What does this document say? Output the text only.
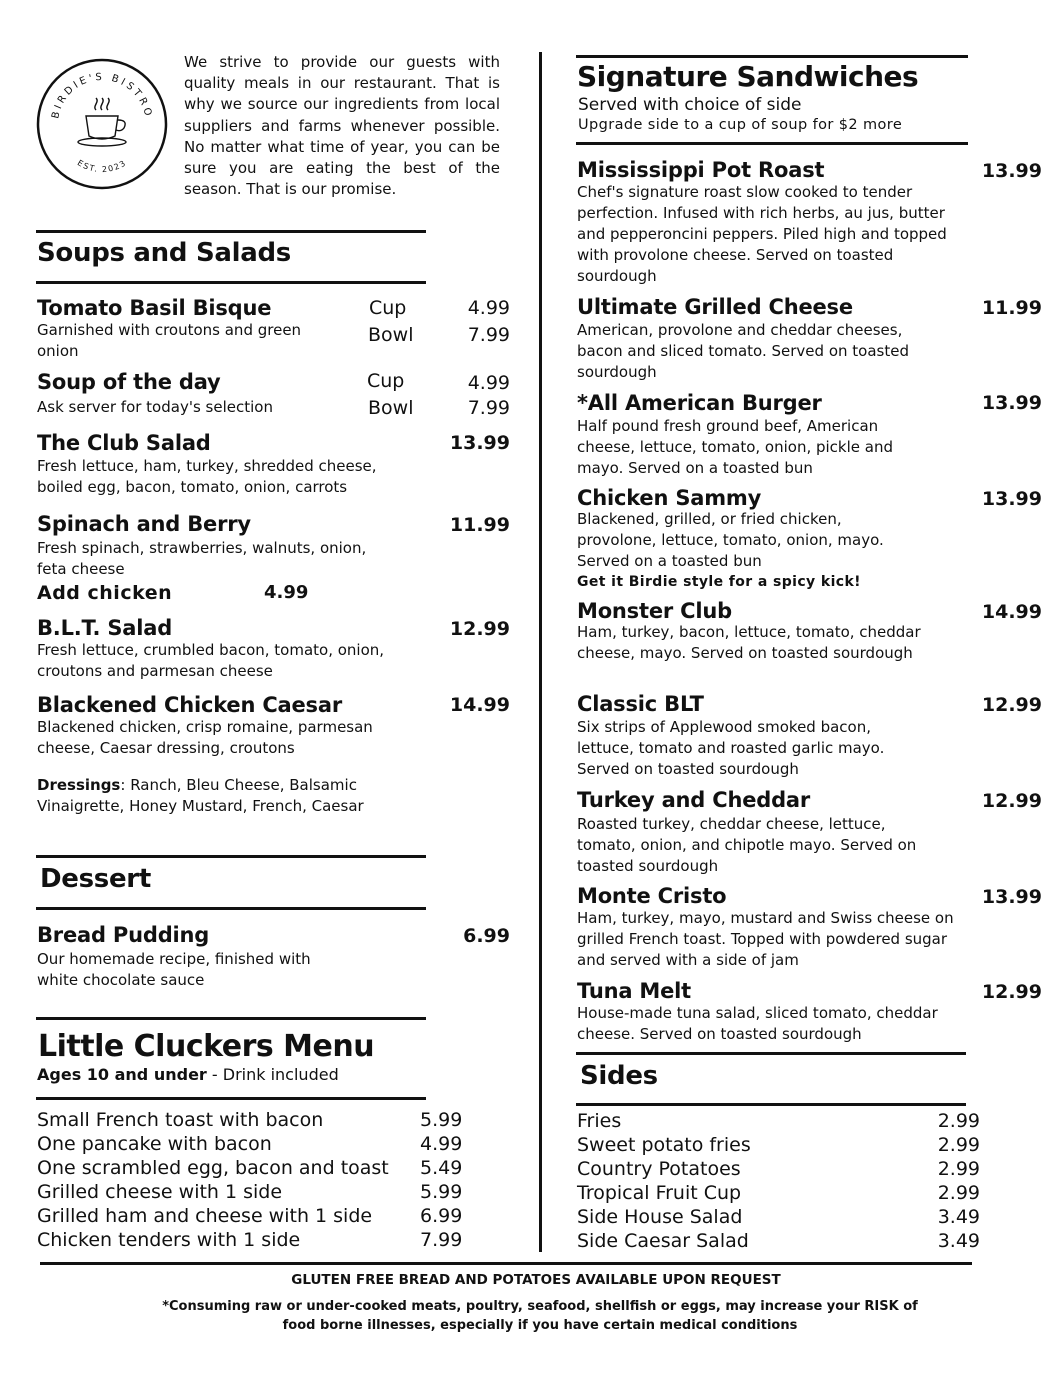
BIRDIE'S BISTRO
EST. 2023
We strive to provide our guests with quality meals in our restaurant. That is why we source our ingredients from local suppliers and farms whenever possible. No matter what time of year, you can be sure you are eating the best of the season. That is our promise.
Soups and Salads
Tomato Basil Bisque
Garnished with croutons and green onion
Cup	4.99
Bowl	7.99
Soup of the day
Ask server for today's selection
Cup	4.99
Bowl	7.99
The Club Salad	13.99
Fresh lettuce, ham, turkey, shredded cheese, boiled egg, bacon, tomato, onion, carrots
Spinach and Berry	11.99
Fresh spinach, strawberries, walnuts, onion, feta cheese
Add chicken	4.99
B.L.T. Salad	12.99
Fresh lettuce, crumbled bacon, tomato, onion, croutons and parmesan cheese
Blackened Chicken Caesar	14.99
Blackened chicken, crisp romaine, parmesan cheese, Caesar dressing, croutons
Dressings: Ranch, Bleu Cheese, Balsamic Vinaigrette, Honey Mustard, French, Caesar
Dessert
Bread Pudding	6.99
Our homemade recipe, finished with white chocolate sauce
Little Cluckers Menu
Ages 10 and under - Drink included
Small French toast with bacon	5.99
One pancake with bacon	4.99
One scrambled egg, bacon and toast 5.49
Grilled cheese with 1 side	5.99
Grilled ham and cheese with 1 side	6.99
Chicken tenders with 1 side	7.99
Signature Sandwiches
Served with choice of side
Upgrade side to a cup of soup for $2 more
Mississippi Pot Roast	13.99
Chef's signature roast slow cooked to tender perfection. Infused with rich herbs, au jus, butter and pepperoncini peppers. Piled high and topped with provolone cheese. Served on toasted sourdough
Ultimate Grilled Cheese	11.99
American, provolone and cheddar cheeses, bacon and sliced tomato. Served on toasted sourdough
*All American Burger	13.99
Half pound fresh ground beef, American cheese, lettuce, tomato, onion, pickle and mayo. Served on a toasted bun
Chicken Sammy	13.99
Blackened, grilled, or fried chicken, provolone, lettuce, tomato, onion, mayo. Served on a toasted bun
Get it Birdie style for a spicy kick!
Monster Club	14.99
Ham, turkey, bacon, lettuce, tomato, cheddar cheese, mayo. Served on toasted sourdough
Classic BLT	12.99
Six strips of Applewood smoked bacon, lettuce, tomato and roasted garlic mayo. Served on toasted sourdough
Turkey and Cheddar	12.99
Roasted turkey, cheddar cheese, lettuce, tomato, onion, and chipotle mayo. Served on toasted sourdough
Monte Cristo	13.99
Ham, turkey, mayo, mustard and Swiss cheese on grilled French toast. Topped with powdered sugar and served with a side of jam
Tuna Melt	12.99
House-made tuna salad, sliced tomato, cheddar cheese. Served on toasted sourdough
Sides
Fries	2.99
Sweet potato fries	2.99
Country Potatoes	2.99
Tropical Fruit Cup	2.99
Side House Salad	3.49
Side Caesar Salad	3.49
GLUTEN FREE BREAD AND POTATOES AVAILABLE UPON REQUEST
*Consuming raw or under-cooked meats, poultry, seafood, shellfish or eggs, may increase your RISK of food borne illnesses, especially if you have certain medical conditions
